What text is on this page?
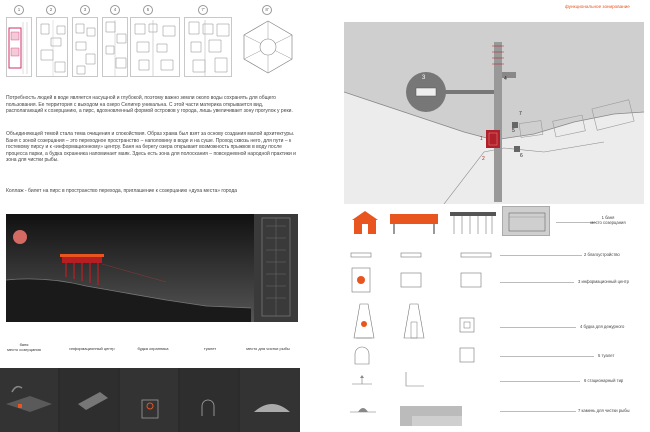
функциональное зонирование
1	2	3	4	5	7'	8'
Потребность людей в воде является насущной и глубокой, поэтому важно земли около воды сохранять для общего пользования. Ее территория с выходом на озеро Селигер уникальна. С этой части материка открывается вид, располагающий к созерцанию, а пирс, вдохновленный формой островов у города, лишь увеличивает зону прогулок у реки.
Объединяющей темой стала тема очищения и спокойствия. Образ храма был взят за основу создания малой архитектуры. Баня с зоной созерцания – это переходное пространство – наполовину в воде и на суше. Проход сквозь него, для пути – к гостевому пирсу и к «информационному» центру. Баня на берегу озера открывает возможность прыжков в воду после процесса парки, а будка охранника напоминает маяк. Здесь есть зона для полоскания – повседневной народной практики и зона для чистки рыбы.
Коллаж - билет на пирс в пространство перехода, приглашение к созерцанию «духа места» города
баня
место созерцания	информационный центр	будка охранника	туалет	место для чистки рыбы
3	4
7
5
6
1
2
1 баня
место созерцания
2 благоустройство
3 информационный центр
4 будка для дежурного
5 туалет
6 стационарный тир
7 камень для чистки рыбы
